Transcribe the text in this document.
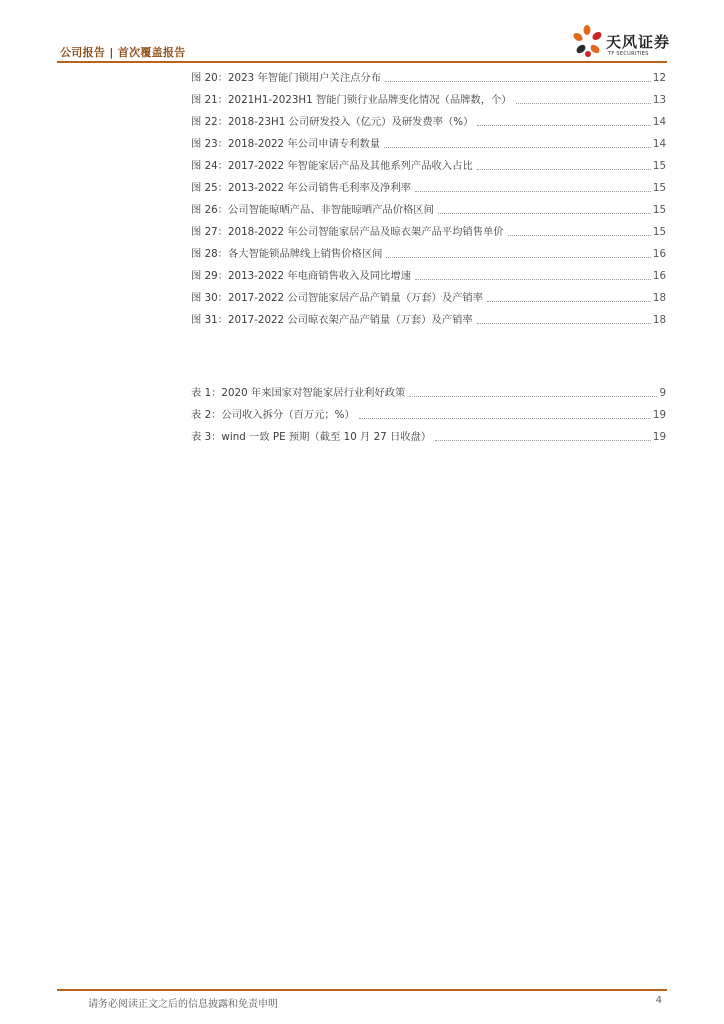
公司报告 | 首次覆盖报告
天风证券
TF SECURITIES
图 20：2023 年智能门锁用户关注点分布	12
图 21：2021H1-2023H1 智能门锁行业品牌变化情况（品牌数，个）	13
图 22：2018-23H1 公司研发投入（亿元）及研发费率（%）	14
图 23：2018-2022 年公司申请专利数量	14
图 24：2017-2022 年智能家居产品及其他系列产品收入占比	15
图 25：2013-2022 年公司销售毛利率及净利率	15
图 26：公司智能晾晒产品、非智能晾晒产品价格区间	15
图 27：2018-2022 年公司智能家居产品及晾衣架产品平均销售单价	15
图 28：各大智能锁品牌线上销售价格区间	16
图 29：2013-2022 年电商销售收入及同比增速	16
图 30：2017-2022 公司智能家居产品产销量（万套）及产销率	18
图 31：2017-2022 公司晾衣架产品产销量（万套）及产销率	18
表 1：2020 年来国家对智能家居行业利好政策	9
表 2：公司收入拆分（百万元；%）	19
表 3：wind 一致 PE 预期（截至 10 月 27 日收盘）	19
请务必阅读正文之后的信息披露和免责申明	4
